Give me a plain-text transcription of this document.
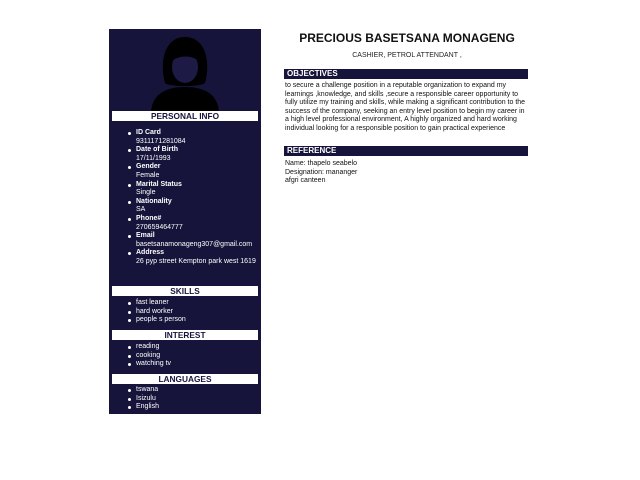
PERSONAL INFO
ID Card
9311171281084
Date of Birth
17/11/1993
Gender
Female
Marital Status
Single
Nationality
SA
Phone#
270659464777
Email
basetsanamonageng307@gmail.com
Address
26 pyp street Kempton park west 1619
SKILLS
fast leaner
hard worker
people s person
INTEREST
reading
cooking
watching tv
LANGUAGES
tswana
Isizulu
English
PRECIOUS BASETSANA MONAGENG
CASHIER, PETROL ATTENDANT ,
OBJECTIVES

to secure a challenge position in a reputable organization to expand my learnings ,knowledge, and skills ,secure a responsible career opportunity to fully utilize my training and skills, while making a significant contribution to the success of the company, seeking an entry level position to begin my career in a high level professional environment, A highly organized and hard working individual looking for a responsible position to gain practical experience

REFERENCE
Name: thapelo seabelo
Designation: mananger
afgri canteen
